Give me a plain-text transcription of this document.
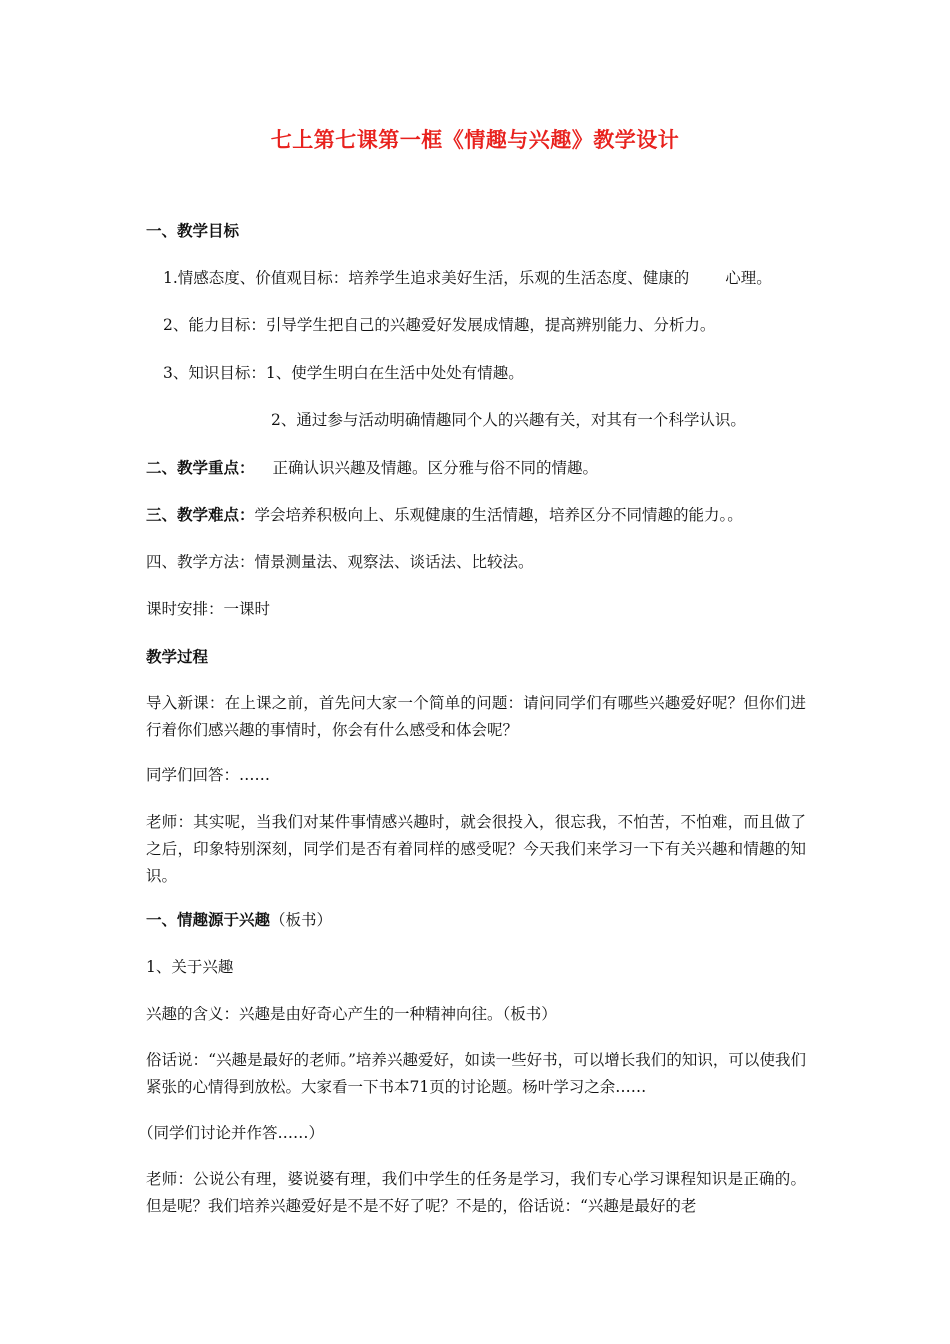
七上第七课第一框《情趣与兴趣》教学设计
一、教学目标
1.情感态度、价值观目标：培养学生追求美好生活，乐观的生活态度、健康的 心理。
2、能力目标：引导学生把自己的兴趣爱好发展成情趣，提高辨别能力、分析力。
3、知识目标：1、使学生明白在生活中处处有情趣。
2、通过参与活动明确情趣同个人的兴趣有关，对其有一个科学认识。
二、教学重点： 正确认识兴趣及情趣。区分雅与俗不同的情趣。
三、教学难点：学会培养积极向上、乐观健康的生活情趣，培养区分不同情趣的能力。。
四、教学方法：情景测量法、观察法、谈话法、比较法。
课时安排：一课时
教学过程
导入新课：在上课之前，首先问大家一个简单的问题：请问同学们有哪些兴趣爱好呢？但你们进行着你们感兴趣的事情时，你会有什么感受和体会呢？
同学们回答：……
老师：其实呢，当我们对某件事情感兴趣时，就会很投入，很忘我，不怕苦，不怕难，而且做了之后，印象特别深刻，同学们是否有着同样的感受呢？今天我们来学习一下有关兴趣和情趣的知识。
一、情趣源于兴趣（板书）
1、关于兴趣
兴趣的含义：兴趣是由好奇心产生的一种精神向往。（板书）
俗话说：“兴趣是最好的老师。”培养兴趣爱好，如读一些好书，可以增长我们的知识，可以使我们紧张的心情得到放松。大家看一下书本71页的讨论题。杨叶学习之余……
（同学们讨论并作答……）
老师：公说公有理，婆说婆有理，我们中学生的任务是学习，我们专心学习课程知识是正确的。但是呢？我们培养兴趣爱好是不是不好了呢？不是的，俗话说：“兴趣是最好的老
